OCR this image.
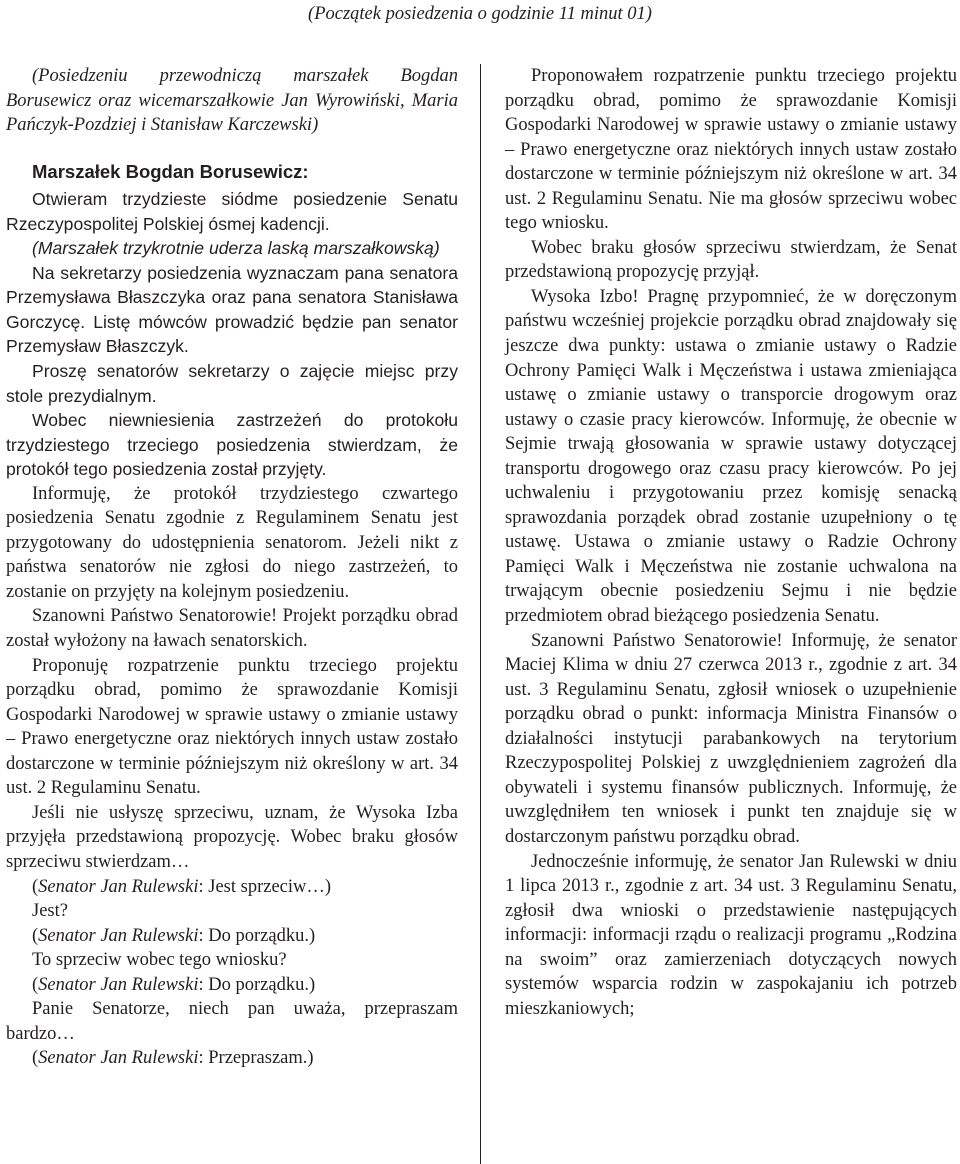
(Początek posiedzenia o godzinie 11 minut 01)

(Posiedzeniu przewodniczą marszałek Bogdan Borusewicz oraz wicemarszałkowie Jan Wyrowiński, Maria Pańczyk-Pozdziej i Stanisław Karczewski)

Marszałek Bogdan Borusewicz:

Otwieram trzydzieste siódme posiedzenie Senatu Rzeczypospolitej Polskiej ósmej kadencji.

(Marszałek trzykrotnie uderza laską marszałkowską)

Na sekretarzy posiedzenia wyznaczam pana senatora Przemysława Błaszczyka oraz pana senatora Stanisława Gorczycę. Listę mówców prowadzić będzie pan senator Przemysław Błaszczyk.

Proszę senatorów sekretarzy o zajęcie miejsc przy stole prezydialnym.

Wobec niewniesienia zastrzeżeń do protokołu trzydziestego trzeciego posiedzenia stwierdzam, że protokół tego posiedzenia został przyjęty.

Informuję, że protokół trzydziestego czwartego posiedzenia Senatu zgodnie z Regulaminem Senatu jest przygotowany do udostępnienia senatorom. Jeżeli nikt z państwa senatorów nie zgłosi do niego zastrzeżeń, to zostanie on przyjęty na kolejnym posiedzeniu.

Szanowni Państwo Senatorowie! Projekt porządku obrad został wyłożony na ławach senatorskich.

Proponuję rozpatrzenie punktu trzeciego projektu porządku obrad, pomimo że sprawozdanie Komisji Gospodarki Narodowej w sprawie ustawy o zmianie ustawy – Prawo energetyczne oraz niektórych innych ustaw zostało dostarczone w terminie późniejszym niż określony w art. 34 ust. 2 Regulaminu Senatu.

Jeśli nie usłyszę sprzeciwu, uznam, że Wysoka Izba przyjęła przedstawioną propozycję. Wobec braku głosów sprzeciwu stwierdzam…

(Senator Jan Rulewski: Jest sprzeciw…)

Jest?

(Senator Jan Rulewski: Do porządku.)

To sprzeciw wobec tego wniosku?

(Senator Jan Rulewski: Do porządku.)

Panie Senatorze, niech pan uważa, przepraszam bardzo…

(Senator Jan Rulewski: Przepraszam.)

Proponowałem rozpatrzenie punktu trzeciego projektu porządku obrad, pomimo że sprawozdanie Komisji Gospodarki Narodowej w sprawie ustawy o zmianie ustawy – Prawo energetyczne oraz niektórych innych ustaw zostało dostarczone w terminie późniejszym niż określone w art. 34 ust. 2 Regulaminu Senatu. Nie ma głosów sprzeciwu wobec tego wniosku.

Wobec braku głosów sprzeciwu stwierdzam, że Senat przedstawioną propozycję przyjął.

Wysoka Izbo! Pragnę przypomnieć, że w doręczonym państwu wcześniej projekcie porządku obrad znajdowały się jeszcze dwa punkty: ustawa o zmianie ustawy o Radzie Ochrony Pamięci Walk i Męczeństwa i ustawa zmieniająca ustawę o zmianie ustawy o transporcie drogowym oraz ustawy o czasie pracy kierowców. Informuję, że obecnie w Sejmie trwają głosowania w sprawie ustawy dotyczącej transportu drogowego oraz czasu pracy kierowców. Po jej uchwaleniu i przygotowaniu przez komisję senacką sprawozdania porządek obrad zostanie uzupełniony o tę ustawę. Ustawa o zmianie ustawy o Radzie Ochrony Pamięci Walk i Męczeństwa nie zostanie uchwalona na trwającym obecnie posiedzeniu Sejmu i nie będzie przedmiotem obrad bieżącego posiedzenia Senatu.

Szanowni Państwo Senatorowie! Informuję, że senator Maciej Klima w dniu 27 czerwca 2013 r., zgodnie z art. 34 ust. 3 Regulaminu Senatu, zgłosił wniosek o uzupełnienie porządku obrad o punkt: informacja Ministra Finansów o działalności instytucji parabankowych na terytorium Rzeczypospolitej Polskiej z uwzględnieniem zagrożeń dla obywateli i systemu finansów publicznych. Informuję, że uwzględniłem ten wniosek i punkt ten znajduje się w dostarczonym państwu porządku obrad.

Jednocześnie informuję, że senator Jan Rulewski w dniu 1 lipca 2013 r., zgodnie z art. 34 ust. 3 Regulaminu Senatu, zgłosił dwa wnioski o przedstawienie następujących informacji: informacji rządu o realizacji programu „Rodzina na swoim” oraz zamierzeniach dotyczących nowych systemów wsparcia rodzin w zaspokajaniu ich potrzeb mieszkaniowych;
